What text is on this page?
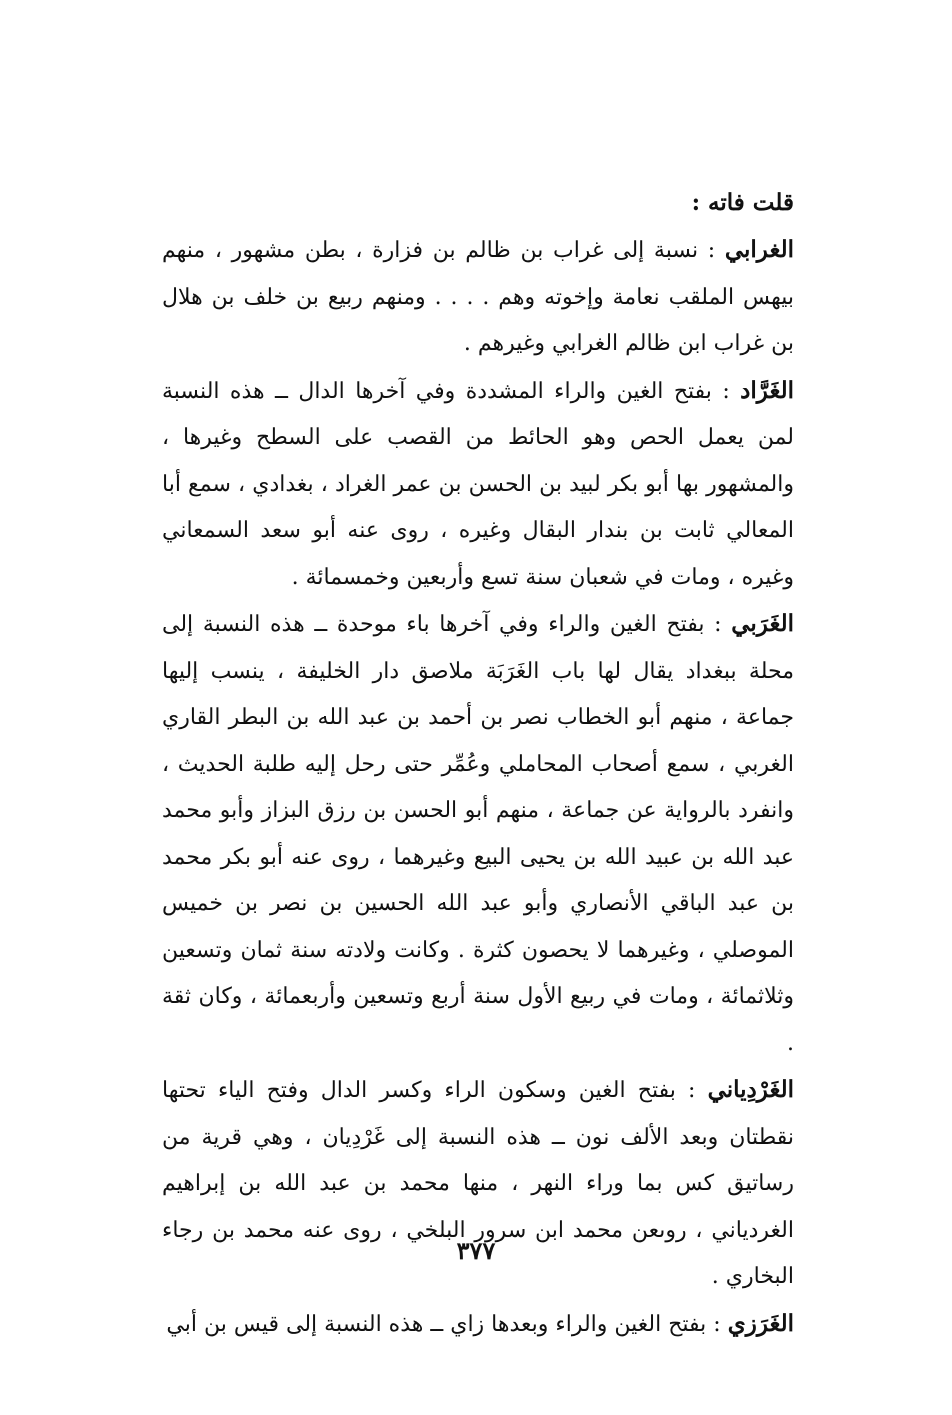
قلت فاته :

الغرابي : نسبة إلى غراب بن ظالم بن فزارة ، بطن مشهور ، منهم بيهس الملقب نعامة وإخوته وهم . . . . ومنهم ربيع بن خلف بن هلال بن غراب ابن ظالم الغرابي وغيرهم .

الغَرَّاد : بفتح الغين والراء المشددة وفي آخرها الدال ــ هذه النسبة لمن يعمل الحص وهو الحائط من القصب على السطح وغيرها ، والمشهور بها أبو بكر لبيد بن الحسن بن عمر الغراد ، بغدادي ، سمع أبا المعالي ثابت بن بندار البقال وغيره ، روى عنه أبو سعد السمعاني وغيره ، ومات في شعبان سنة تسع وأربعين وخمسمائة .

الغَرَبي : بفتح الغين والراء وفي آخرها باء موحدة ــ هذه النسبة إلى محلة ببغداد يقال لها باب الغَرَبَة ملاصق دار الخليفة ، ينسب إليها جماعة ، منهم أبو الخطاب نصر بن أحمد بن عبد الله بن البطر القاري الغربي ، سمع أصحاب المحاملي وعُمِّر حتى رحل إليه طلبة الحديث ، وانفرد بالرواية عن جماعة ، منهم أبو الحسن بن رزق البزاز وأبو محمد عبد الله بن عبيد الله بن يحيى البيع وغيرهما ، روى عنه أبو بكر محمد بن عبد الباقي الأنصاري وأبو عبد الله الحسين بن نصر بن خميس الموصلي ، وغيرهما لا يحصون كثرة . وكانت ولادته سنة ثمان وتسعين وثلاثمائة ، ومات في ربيع الأول سنة أربع وتسعين وأربعمائة ، وكان ثقة .

الغَرْدِياني : بفتح الغين وسكون الراء وكسر الدال وفتح الياء تحتها نقطتان وبعد الألف نون ــ هذه النسبة إلى غَرْدِيان ، وهي قرية من رساتيق كس بما وراء النهر ، منها محمد بن عبد الله بن إبراهيم الغردياني ، روىعن محمد ابن سرور البلخي ، روى عنه محمد بن رجاء البخاري .

الغَرَزي : بفتح الغين والراء وبعدها زاي ــ هذه النسبة إلى قيس بن أبي

٣٧٧
